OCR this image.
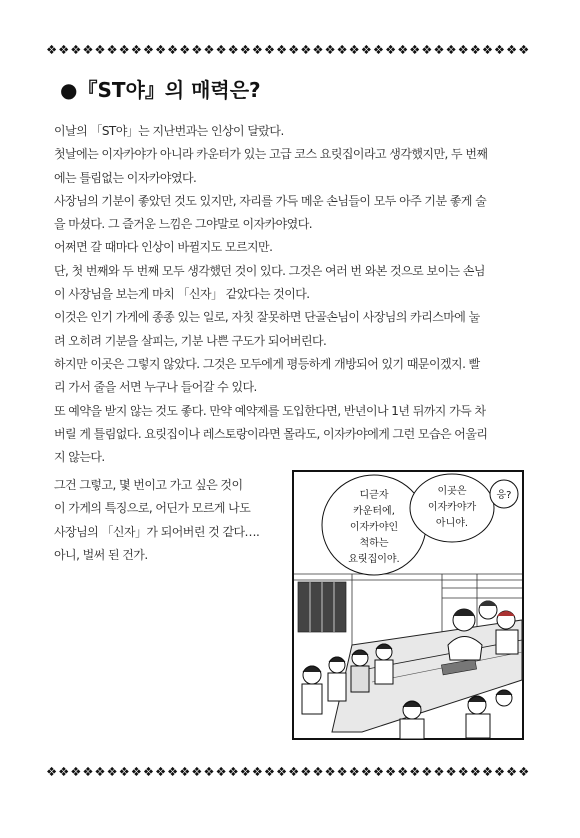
❖❖❖❖❖❖❖❖❖❖❖❖❖❖❖❖❖❖❖❖❖❖❖❖❖❖❖❖❖❖❖❖❖❖❖❖❖❖❖❖
●『ST야』의 매력은?

이날의 「ST야」는 지난번과는 인상이 달랐다.

첫날에는 이자카야가 아니라 카운터가 있는 고급 코스 요릿집이라고 생각했지만, 두 번째
에는 틀림없는 이자카야였다.

사장님의 기분이 좋았던 것도 있지만, 자리를 가득 메운 손님들이 모두 아주 기분 좋게 술
을 마셨다. 그 즐거운 느낌은 그야말로 이자카야였다.

어쩌면 갈 때마다 인상이 바뀔지도 모르지만.

단, 첫 번째와 두 번째 모두 생각했던 것이 있다. 그것은 여러 번 와본 것으로 보이는 손님
이 사장님을 보는게 마치 「신자」 같았다는 것이다.

이것은 인기 가게에 종종 있는 일로, 자칫 잘못하면 단골손님이 사장님의 카리스마에 눌
려 오히려 기분을 살피는, 기분 나쁜 구도가 되어버린다.

하지만 이곳은 그렇지 않았다. 그것은 모두에게 평등하게 개방되어 있기 때문이겠지. 빨
리 가서 줄을 서면 누구나 들어갈 수 있다.

또 예약을 받지 않는 것도 좋다. 만약 예약제를 도입한다면, 반년이나 1년 뒤까지 가득 차
버릴 게 틀림없다. 요릿집이나 레스토랑이라면 몰라도, 이자카야에게 그런 모습은 어울리
지 않는다.

그건 그렇고, 몇 번이고 가고 싶은 것이
이 가게의 특징으로, 어딘가 모르게 나도
사장님의 「신자」가 되어버린 것 같다….
아니, 벌써 된 건가.
디귿자
카운터에,
이자카야인
척하는
요릿집이야.
이곳은
이자카야가
아니야.
응?
❖❖❖❖❖❖❖❖❖❖❖❖❖❖❖❖❖❖❖❖❖❖❖❖❖❖❖❖❖❖❖❖❖❖❖❖❖❖❖❖
